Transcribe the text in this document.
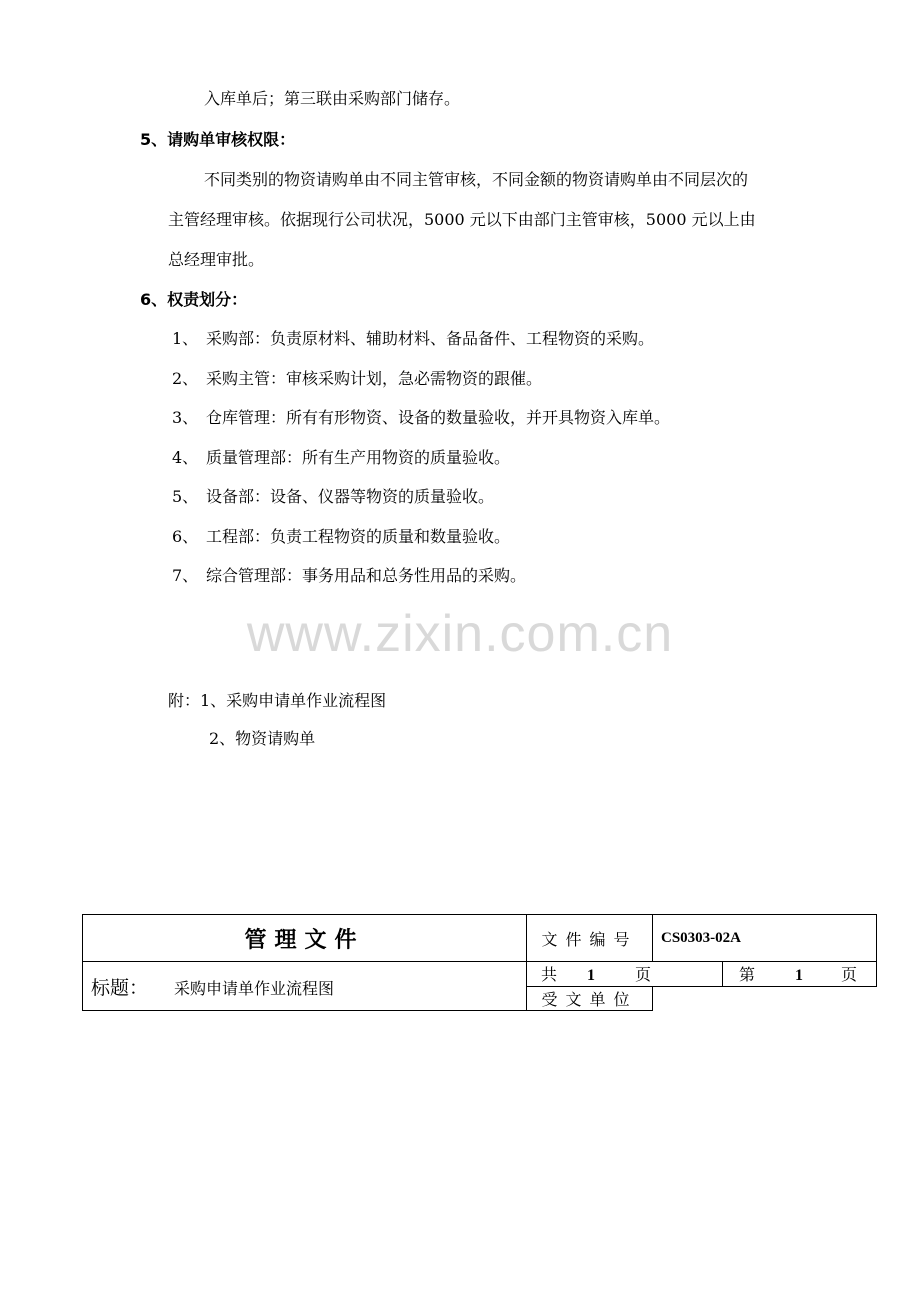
入库单后；第三联由采购部门储存。
5、请购单审核权限：
不同类别的物资请购单由不同主管审核，不同金额的物资请购单由不同层次的
主管经理审核。依据现行公司状况，5000 元以下由部门主管审核，5000 元以上由
总经理审批。
6、权责划分：
1、 采购部：负责原材料、辅助材料、备品备件、工程物资的采购。
2、 采购主管：审核采购计划，急必需物资的跟催。
3、 仓库管理：所有有形物资、设备的数量验收，并开具物资入库单。
4、 质量管理部：所有生产用物资的质量验收。
5、 设备部：设备、仪器等物资的质量验收。
6、 工程部：负责工程物资的质量和数量验收。
7、 综合管理部：事务用品和总务性用品的采购。
www.zixin.com.cn
附：1、采购申请单作业流程图
2、物资请购单
管理文件	文件编号	CS0303-02A	
标题： 采购申请单作业流程图	共 1 页		第 1 页
	受文单位		
